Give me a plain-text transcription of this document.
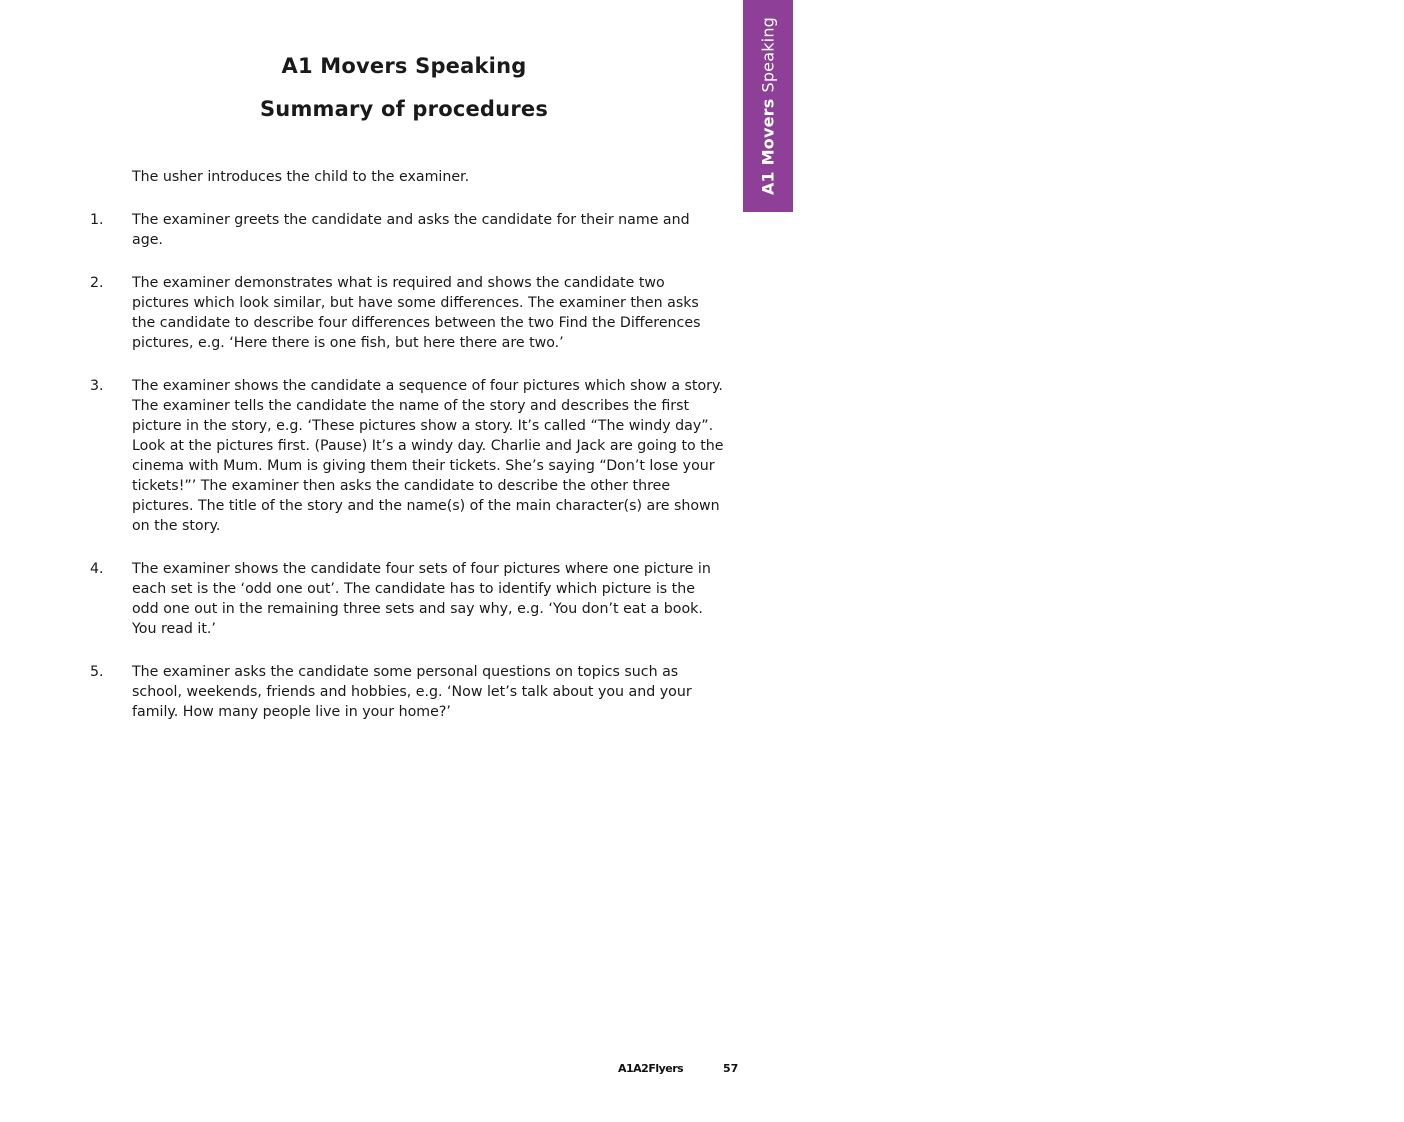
A1 MoversSpeaking
A1 Movers Speaking
Summary of procedures
The usher introduces the child to the examiner.
1.	The examiner greets the candidate and asks the candidate for their name and age.
2.	The examiner demonstrates what is required and shows the candidate two pictures which look similar, but have some differences. The examiner then asks the candidate to describe four differences between the two Find the Differences pictures, e.g. ‘Here there is one fish, but here there are two.’
3.	The examiner shows the candidate a sequence of four pictures which show a story. The examiner tells the candidate the name of the story and describes the first picture in the story, e.g. ‘These pictures show a story. It’s called “The windy day”. Look at the pictures first. (Pause) It’s a windy day. Charlie and Jack are going to the cinema with Mum. Mum is giving them their tickets. She’s saying “Don’t lose your tickets!”’ The examiner then asks the candidate to describe the other three pictures. The title of the story and the name(s) of the main character(s) are shown on the story.
4.	The examiner shows the candidate four sets of four pictures where one picture in each set is the ‘odd one out’. The candidate has to identify which picture is the odd one out in the remaining three sets and say why, e.g. ‘You don’t eat a book. You read it.’
5.	The examiner asks the candidate some personal questions on topics such as school, weekends, friends and hobbies, e.g. ‘Now let’s talk about you and your family. How many people live in your home?’
A1A2Flyers	57
